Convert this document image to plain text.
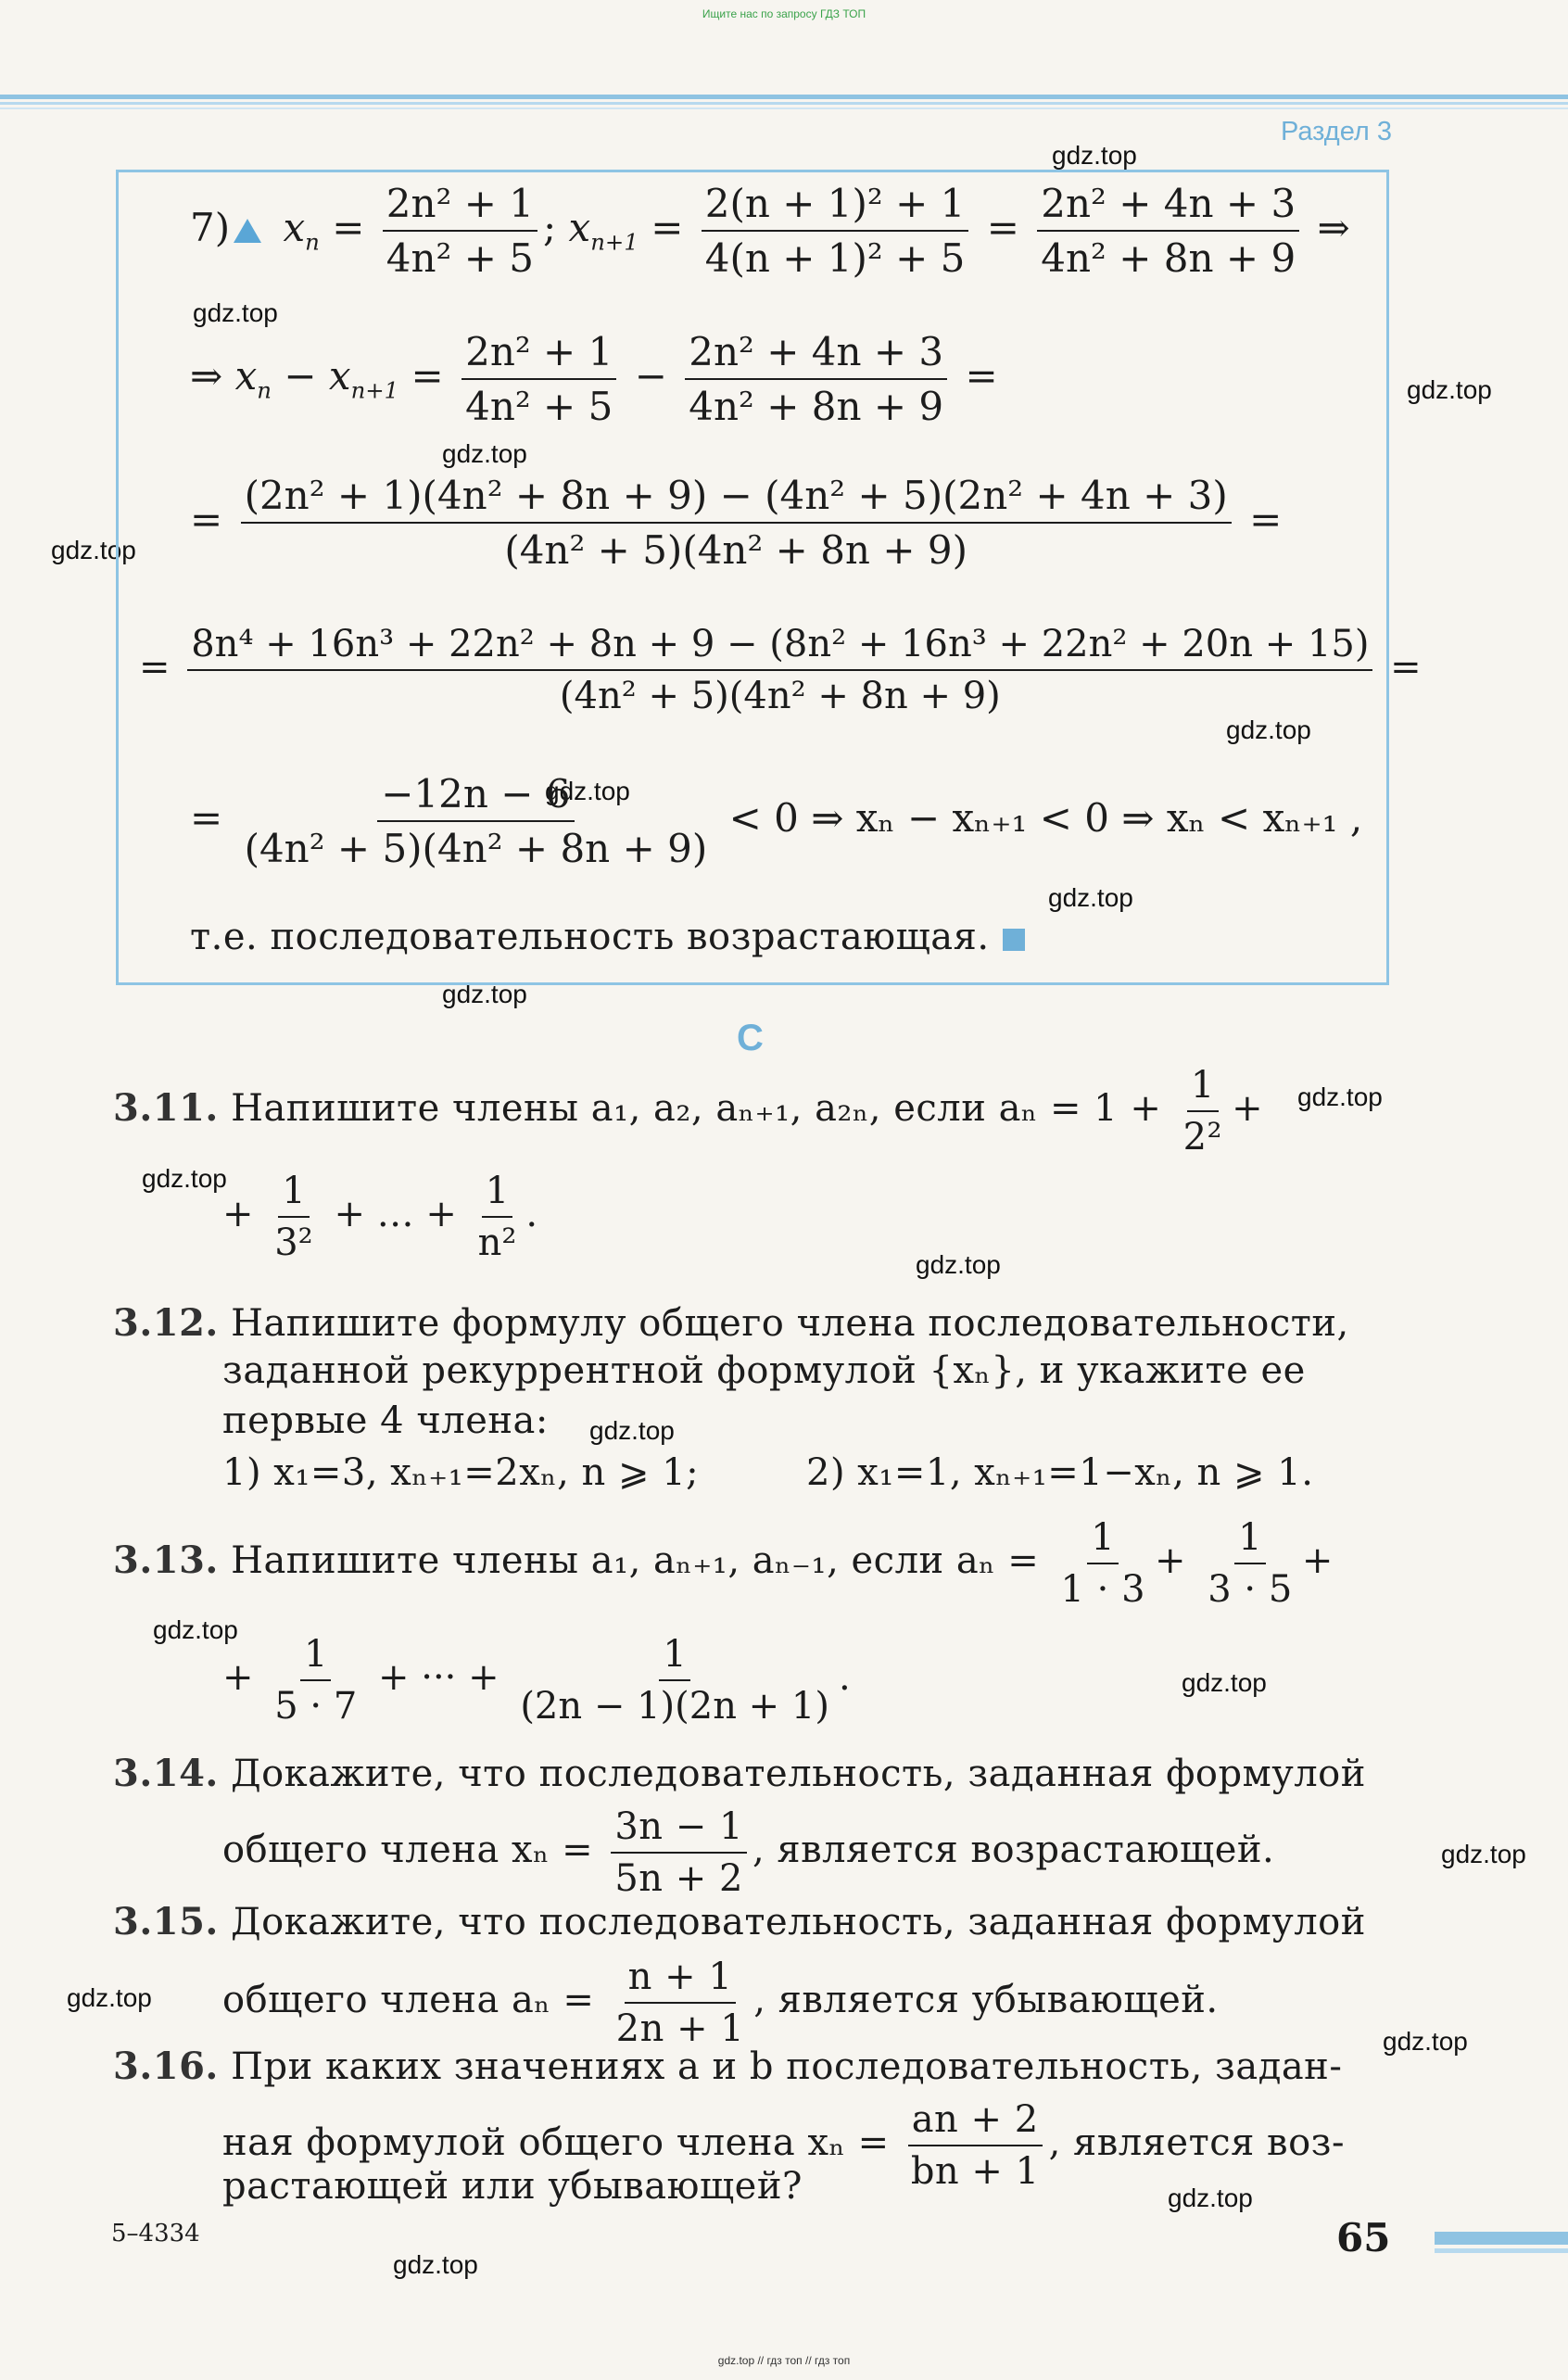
Ищите нас по запросу ГДЗ ТОП
Раздел 3
gdz.top
gdz.top
gdz.top
gdz.top
gdz.top
gdz.top
gdz.top
gdz.top
gdz.top
gdz.top
gdz.top
gdz.top
gdz.top
gdz.top
gdz.top
gdz.top
gdz.top
gdz.top
gdz.top
gdz.top
7) $x_n = \frac{\text{2n² + 1}}{\text{4n² + 5}}$ ; $x_{n+1} = \frac{\text{2(n + 1)² + 1}}{\text{4(n + 1)² + 5}} = \frac{\text{2n² + 4n + 3}}{\text{4n² + 8n + 9}}$ ⇒
⇒ $x_n - x_{n+1} = \frac{\text{2n² + 1}}{\text{4n² + 5}} - \frac{\text{2n² + 4n + 3}}{\text{4n² + 8n + 9}}$ =
= $\frac{\text{(2n² + 1)(4n² + 8n + 9) − (4n² + 5)(2n² + 4n + 3)}}{\text{(4n² + 5)(4n² + 8n + 9)}}$ =
= $\frac{\text{8n⁴ + 16n³ + 22n² + 8n + 9 − (8n² + 16n³ + 22n² + 20n + 15)}}{\text{(4n² + 5)(4n² + 8n + 9)}}$ =
= $\frac{-12n - 6}{\text{(4n² + 5)(4n² + 8n + 9)}} < 0$ ⇒ xₙ − xₙ₊₁ < 0 ⇒ xₙ < xₙ₊₁ ,
т.е. последовательность возрастающая.
С
3.11. Напишите члены a₁, a₂, aₙ₊₁, a₂ₙ, если $a_n = 1 + \frac{1}{\text{2²}}$ +
+ $\frac{1}{\text{3²}}$ + … + $\frac{1}{\text{n²}}$ .
3.12. Напишите формулу общего члена последовательности,
заданной рекуррентной формулой {xₙ}, и укажите ее
первые 4 члена:
1) x₁=3, xₙ₊₁=2xₙ, n ⩾ 1;	2) x₁=1, xₙ₊₁=1−xₙ, n ⩾ 1.
3.13. Напишите члены a₁, aₙ₊₁, aₙ₋₁, если $a_n = \frac{1}{1 \cdot 3} + \frac{1}{3 \cdot 5}$ +
+ $\frac{1}{5 \cdot 7}$ + ··· + $\frac{1}{(2n - 1)(2n + 1)}$ .
3.14. Докажите, что последовательность, заданная формулой
общего члена $x_n = \frac{3n - 1}{5n + 2}$ , является возрастающей.
3.15. Докажите, что последовательность, заданная формулой
общего члена $a_n = \frac{n + 1}{2n + 1}$ , является убывающей.
3.16. При каких значениях a и b последовательность, задан-
ная формулой общего члена $x_n = \frac{an + 2}{bn + 1}$ , является воз-
растающей или убывающей?
5–4334	65
gdz.top // гдз топ // гдз топ
